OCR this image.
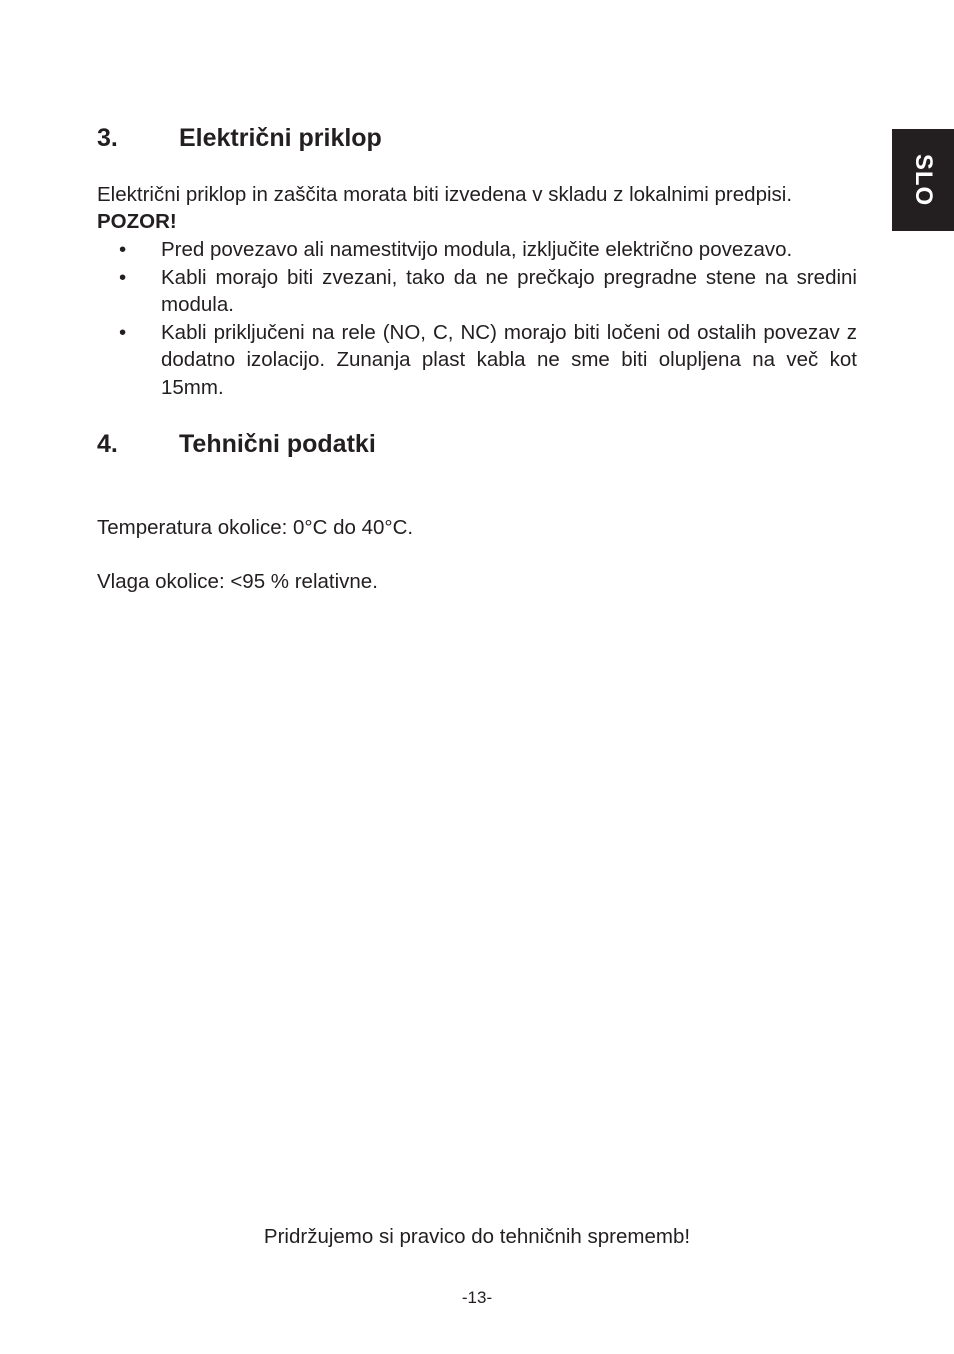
SLO
3. Električni priklop
Električni priklop in zaščita morata biti izvedena v skladu z lokalnimi predpisi.
POZOR!
• Pred povezavo ali namestitvijo modula, izklјučite električno povezavo.
• Kabli morajo biti zvezani, tako da ne prečkajo pregradne stene na sredini modula.
• Kabli priključeni na rele (NO, C, NC) morajo biti ločeni od ostalih povezav z dodatno izolacijo. Zunanja plast kabla ne sme biti olupljena na več kot 15mm.
4. Tehnični podatki
Temperatura okolice: 0°C do 40°C.
Vlaga okolice: <95 % relativne.
Pridržujemo si pravico do tehničnih sprememb!
-13-
